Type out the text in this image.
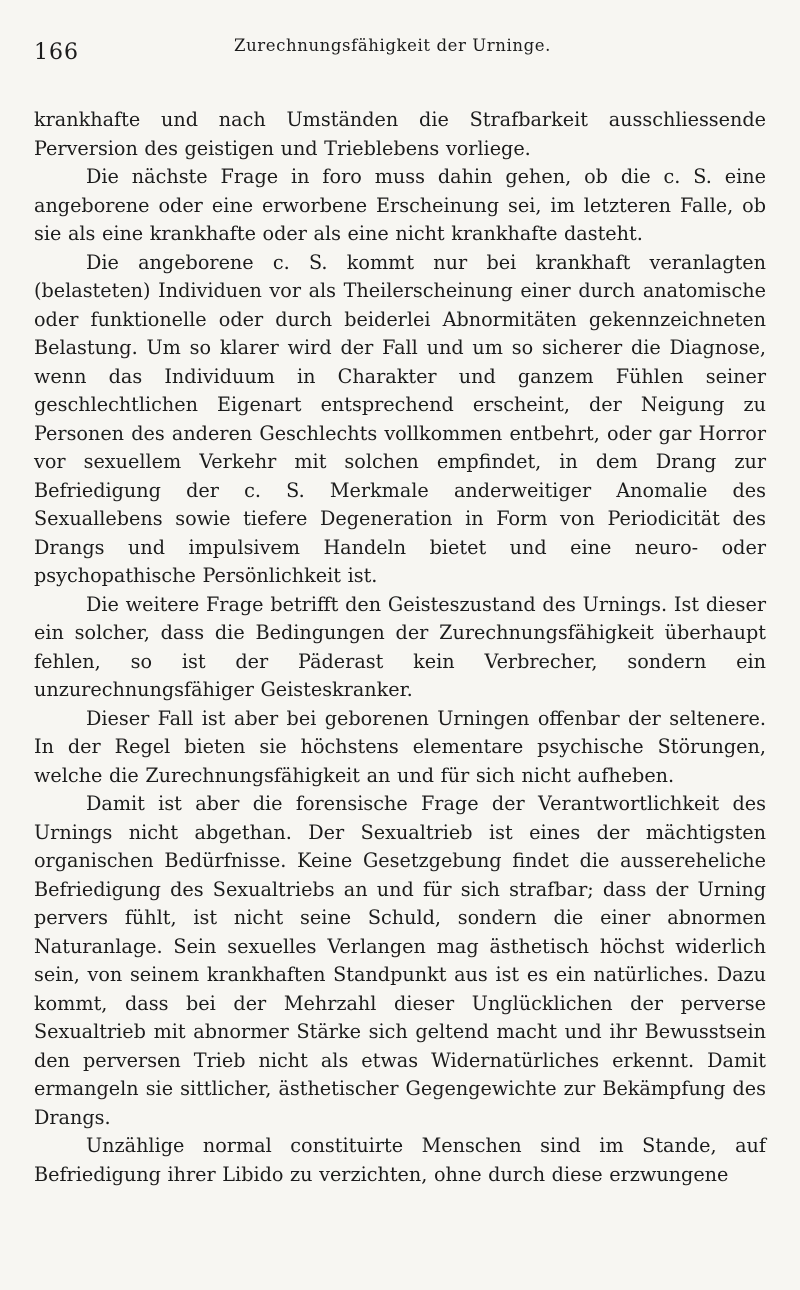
166	Zurechnungsfähigkeit der Urninge.

krankhafte und nach Umständen die Strafbarkeit ausschliessende Perversion des geistigen und Trieblebens vorliege.

Die nächste Frage in foro muss dahin gehen, ob die c. S. eine angeborene oder eine erworbene Erscheinung sei, im letzteren Falle, ob sie als eine krankhafte oder als eine nicht krankhafte dasteht.

Die angeborene c. S. kommt nur bei krankhaft veranlagten (belasteten) Individuen vor als Theilerscheinung einer durch anatomische oder funktionelle oder durch beiderlei Abnormitäten gekennzeichneten Belastung. Um so klarer wird der Fall und um so sicherer die Diagnose, wenn das Individuum in Charakter und ganzem Fühlen seiner geschlechtlichen Eigenart entsprechend erscheint, der Neigung zu Personen des anderen Geschlechts vollkommen entbehrt, oder gar Horror vor sexuellem Verkehr mit solchen empfindet, in dem Drang zur Befriedigung der c. S. Merkmale anderweitiger Anomalie des Sexuallebens sowie tiefere Degeneration in Form von Periodicität des Drangs und impulsivem Handeln bietet und eine neuro- oder psychopathische Persönlichkeit ist.

Die weitere Frage betrifft den Geisteszustand des Urnings. Ist dieser ein solcher, dass die Bedingungen der Zurechnungsfähigkeit überhaupt fehlen, so ist der Päderast kein Verbrecher, sondern ein unzurechnungsfähiger Geisteskranker.

Dieser Fall ist aber bei geborenen Urningen offenbar der seltenere. In der Regel bieten sie höchstens elementare psychische Störungen, welche die Zurechnungsfähigkeit an und für sich nicht aufheben.

Damit ist aber die forensische Frage der Verantwortlichkeit des Urnings nicht abgethan. Der Sexualtrieb ist eines der mächtigsten organischen Bedürfnisse. Keine Gesetzgebung findet die aussereheliche Befriedigung des Sexualtriebs an und für sich strafbar; dass der Urning pervers fühlt, ist nicht seine Schuld, sondern die einer abnormen Naturanlage. Sein sexuelles Verlangen mag ästhetisch höchst widerlich sein, von seinem krankhaften Standpunkt aus ist es ein natürliches. Dazu kommt, dass bei der Mehrzahl dieser Unglücklichen der perverse Sexualtrieb mit abnormer Stärke sich geltend macht und ihr Bewusstsein den perversen Trieb nicht als etwas Widernatürliches erkennt. Damit ermangeln sie sittlicher, ästhetischer Gegengewichte zur Bekämpfung des Drangs.

Unzählige normal constituirte Menschen sind im Stande, auf Befriedigung ihrer Libido zu verzichten, ohne durch diese erzwungene
